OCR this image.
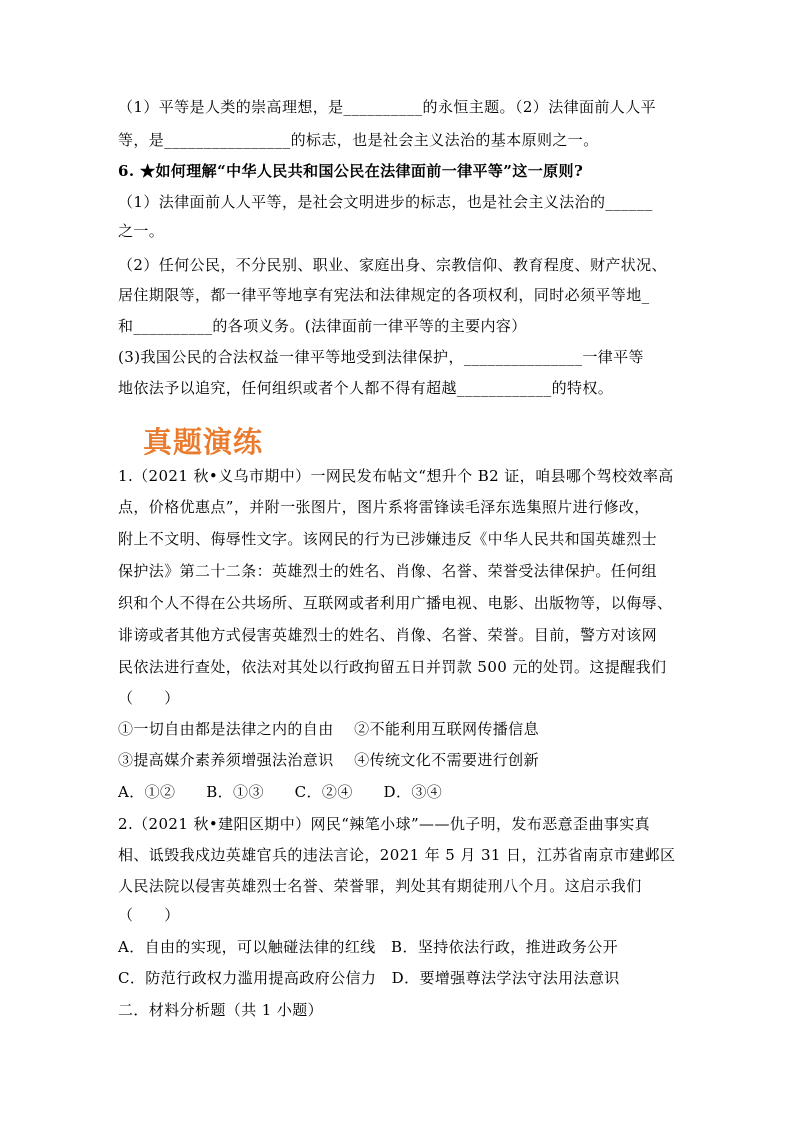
（1）平等是人类的崇高理想，是__________的永恒主题。（2）法律面前人人平
等，是________________的标志，也是社会主义法治的基本原则之一。
6. ★如何理解“中华人民共和国公民在法律面前一律平等”这一原则?
（1）法律面前人人平等，是社会文明进步的标志，也是社会主义法治的______
之一。
（2）任何公民，不分民别、职业、家庭出身、宗教信仰、教育程度、财产状况、
居住期限等，都一律平等地享有宪法和法律规定的各项权利，同时必须平等地_
和__________的各项义务。(法律面前一律平等的主要内容）
(3)我国公民的合法权益一律平等地受到法律保护，_______________一律平等
地依法予以追究，任何组织或者个人都不得有超越____________的特权。
真题演练
1.（2021 秋•义乌市期中）一网民发布帖文“想升个 B2 证，咱县哪个驾校效率高
点，价格优惠点”，并附一张图片，图片系将雷锋读毛泽东选集照片进行修改，
附上不文明、侮辱性文字。该网民的行为已涉嫌违反《中华人民共和国英雄烈士
保护法》第二十二条：英雄烈士的姓名、肖像、名誉、荣誉受法律保护。任何组
织和个人不得在公共场所、互联网或者利用广播电视、电影、出版物等，以侮辱、
诽谤或者其他方式侵害英雄烈士的姓名、肖像、名誉、荣誉。目前，警方对该网
民依法进行查处，依法对其处以行政拘留五日并罚款 500 元的处罚。这提醒我们
（　　）
①一切自由都是法律之内的自由　 ②不能利用互联网传播信息
③提高媒介素养须增强法治意识　 ④传统文化不需要进行创新
A．①②　　B．①③　　C．②④　　D．③④
2.（2021 秋•建阳区期中）网民“辣笔小球”——仇子明，发布恶意歪曲事实真
相、诋毁我戍边英雄官兵的违法言论，2021 年 5 月 31 日，江苏省南京市建邺区
人民法院以侵害英雄烈士名誉、荣誉罪，判处其有期徒刑八个月。这启示我们
（　　）
A．自由的实现，可以触碰法律的红线　B．坚持依法行政，推进政务公开
C．防范行政权力滥用提高政府公信力　D．要增强尊法学法守法用法意识
二．材料分析题（共 1 小题）
